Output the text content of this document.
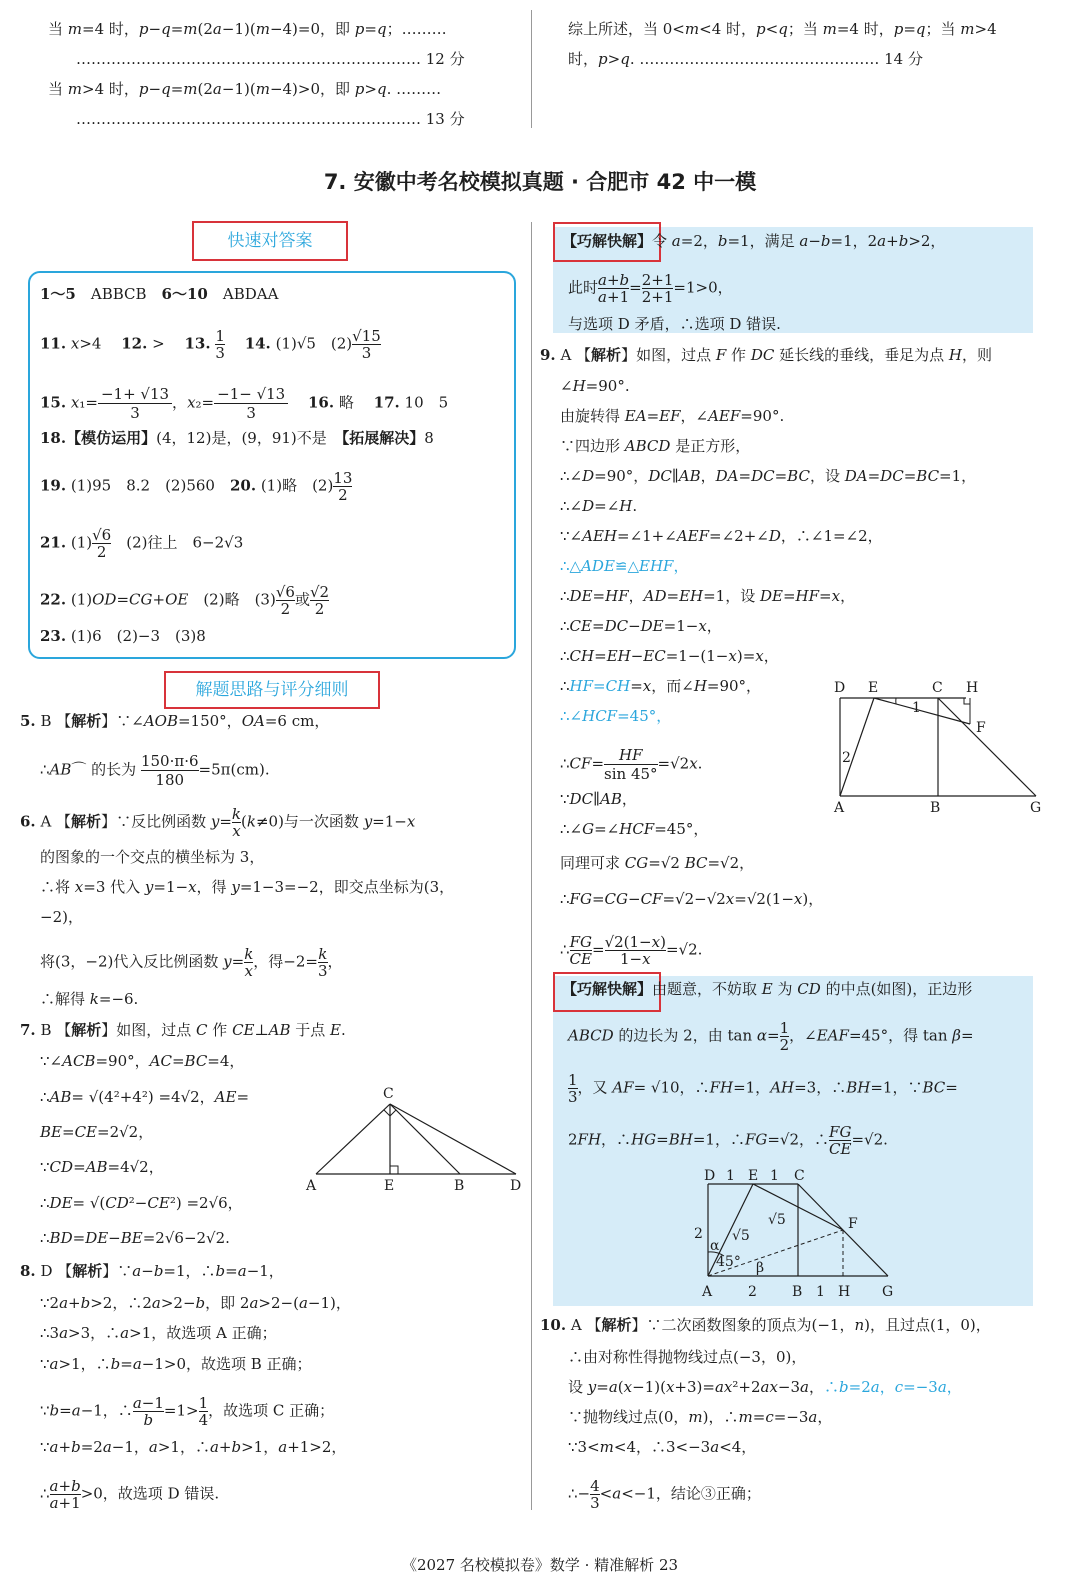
当 m=4 时，p−q=m(2a−1)(m−4)=0，即 p=q；………
…………………………………………………………… 12 分
当 m>4 时，p−q=m(2a−1)(m−4)>0，即 p>q. ………
…………………………………………………………… 13 分
综上所述，当 0<m<4 时，p<q；当 m=4 时，p=q；当 m>4
时，p>q. ………………………………………… 14 分
7. 安徽中考名校模拟真题 · 合肥市 42 中一模
快速对答案
1～5　ABBCB　6～10　ABDAA
11. x>4　 12. >　 13. $\frac{1}{3}$
　 14. (1)√5　$(2) \frac{√15}{3}$
15. $x_1= \frac{-1+ √13}{3}$ ，$x_2= \frac{-1- √13}{3}$
　 16. 略　 17. 10　5
18.【模仿运用】(4，12)是，(9，91)不是　【拓展解决】8
19. (1)95　8.2　(2)560　20. (1)略　$(2) \frac{13}{2}$
21. $(1) \frac{√6}{2}$ 　(2)往上　6−2√3
22. (1)OD=CG+OE　(2)略　$(3) \frac{√6}{2}$ 或 $\frac{√2}{2}$
23. (1)6　(2)−3　(3)8
解题思路与评分细则
5. B 【解析】∵∠AOB=150°，OA=6 cm，
∴AB⌒ 的长为 $\frac{150\cdot\pi\cdot 6}{180} =5\pi(cm)$.
6. A 【解析】∵反比例函数 $y= \frac{k}{x} (k\ne 0)$与一次函数 y=1−x
的图象的一个交点的横坐标为 3，
∴将 x=3 代入 y=1−x，得 y=1−3=−2，即交点坐标为(3，
−2)，
将(3，−2)代入反比例函数 $y= \frac{k}{x}$ ，得$-2= \frac{k}{3}$ ，
∴解得 k=−6.
7. B 【解析】如图，过点 C 作 CE⊥AB 于点 E.
∵∠ACB=90°，AC=BC=4，
∴AB= √(4²+4²) =4√2，AE=
BE=CE=2√2，
∵CD=AB=4√2，
∴DE= √(CD²−CE²) =2√6，
∴BD=DE−BE=2√6−2√2.
C
A	E	B	D
8. D 【解析】∵a−b=1，∴b=a−1，
∵2a+b>2，∴2a>2−b，即 2a>2−(a−1)，
∴3a>3，∴a>1，故选项 A 正确；
∵a>1，∴b=a−1>0，故选项 B 正确；
∵b=a−1，∴ $\frac{a-1}{b} =1> \frac{1}{4}$ ，故选项 C 正确；
∵a+b=2a−1，a>1，∴a+b>1，a+1>2，
∴ $\frac{a+b}{a+1} >0$，故选项 D 错误.
【巧解快解】令 a=2，b=1，满足 a−b=1，2a+b>2，
此时 $\frac{a+b}{a+1} = \frac{2+1}{2+1} =1>0$，
与选项 D 矛盾，∴选项 D 错误.
9. A 【解析】如图，过点 F 作 DC 延长线的垂线，垂足为点 H，则
∠H=90°.
由旋转得 EA=EF，∠AEF=90°.
∵四边形 ABCD 是正方形，
∴∠D=90°，DC∥AB，DA=DC=BC，设 DA=DC=BC=1，
∴∠D=∠H.
∵∠AEH=∠1+∠AEF=∠2+∠D，∴∠1=∠2，
∴△ADE≌△EHF，
∴DE=HF，AD=EH=1，设 DE=HF=x，
∴CE=DC−DE=1−x，
∴CH=EH−EC=1−(1−x)=x，
∴HF=CH=x，而∠H=90°，
∴∠HCF=45°，
∴CF= $\frac{HF}{\sin 45^\circ} =√2x$.
∵DC∥AB，
∴∠G=∠HCF=45°，
同理可求 CG=√2 BC=√2，
∴FG=CG−CF=√2−√2x=√2(1−x)，
∴ $\frac{FG}{CE} = \frac{√2(1-x)}{1-x} =√2$.
D E	C H
1
F
2
A	B	G
【巧解快解】由题意，不妨取 E 为 CD 的中点(如图)，正边形
ABCD 的边长为 2，由 $\tan \alpha= \frac{1}{2}$ ，∠EAF=45°，得 tan β=
$\frac{1}{3}$ ，又 AF= √10，∴FH=1，AH=3，∴BH=1，∵BC=
2FH，∴HG=BH=1，∴FG=√2，∴ $\frac{FG}{CE} =√2$.
D 1 E 1 C
F
2
α
√5
√5
45° β
A	2	B 1 H G
10. A 【解析】∵二次函数图象的顶点为(−1，n)，且过点(1，0)，
∴由对称性得抛物线过点(−3，0)，
设 y=a(x−1)(x+3)=ax²+2ax−3a，∴b=2a，c=−3a，
∵抛物线过点(0，m)，∴m=c=−3a，
∵3<m<4，∴3<−3a<4，
∴− $\frac{4}{3} <a<-1$，结论③正确；
《2027 名校模拟卷》数学 · 精准解析 23
